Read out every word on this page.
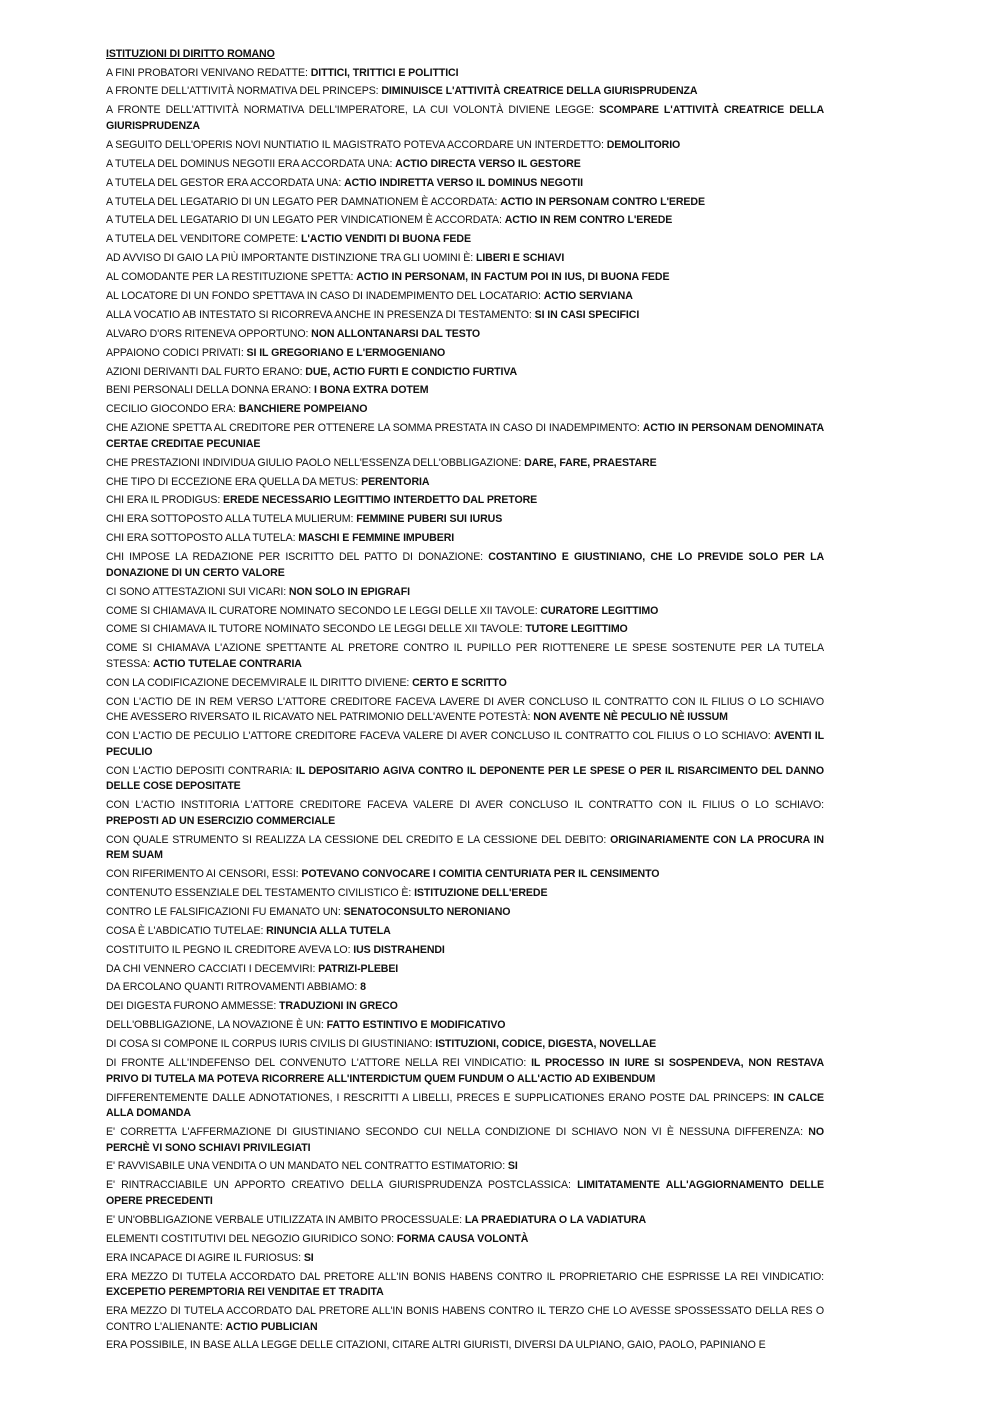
ISTITUZIONI DI DIRITTO ROMANO
A FINI PROBATORI VENIVANO REDATTE: DITTICI, TRITTICI E POLITTICI
A FRONTE DELL'ATTIVITÀ NORMATIVA DEL PRINCEPS: DIMINUISCE L'ATTIVITÀ CREATRICE DELLA GIURISPRUDENZA
A FRONTE DELL'ATTIVITÀ NORMATIVA DELL'IMPERATORE, LA CUI VOLONTÀ DIVIENE LEGGE: SCOMPARE L'ATTIVITÀ CREATRICE DELLA GIURISPRUDENZA
A SEGUITO DELL'OPERIS NOVI NUNTIATIO IL MAGISTRATO POTEVA ACCORDARE UN INTERDETTO: DEMOLITORIO
A TUTELA DEL DOMINUS NEGOTII ERA ACCORDATA UNA: ACTIO DIRECTA VERSO IL GESTORE
A TUTELA DEL GESTOR ERA ACCORDATA UNA: ACTIO INDIRETTA VERSO IL DOMINUS NEGOTII
A TUTELA DEL LEGATARIO DI UN LEGATO PER DAMNATIONEM È ACCORDATA: ACTIO IN PERSONAM CONTRO L'EREDE
A TUTELA DEL LEGATARIO DI UN LEGATO PER VINDICATIONEM È ACCORDATA: ACTIO IN REM CONTRO L'EREDE
A TUTELA DEL VENDITORE COMPETE: L'ACTIO VENDITI DI BUONA FEDE
AD AVVISO DI GAIO LA PIÙ IMPORTANTE DISTINZIONE TRA GLI UOMINI È: LIBERI E SCHIAVI
AL COMODANTE PER LA RESTITUZIONE SPETTA: ACTIO IN PERSONAM, IN FACTUM POI IN IUS, DI BUONA FEDE
AL LOCATORE DI UN FONDO SPETTAVA IN CASO DI INADEMPIMENTO DEL LOCATARIO: ACTIO SERVIANA
ALLA VOCATIO AB INTESTATO SI RICORREVA ANCHE IN PRESENZA DI TESTAMENTO: SI IN CASI SPECIFICI
ALVARO D'ORS RITENEVA OPPORTUNO: NON ALLONTANARSI DAL TESTO
APPAIONO CODICI PRIVATI: SI IL GREGORIANO E L'ERMOGENIANO
AZIONI DERIVANTI DAL FURTO ERANO: DUE, ACTIO FURTI E CONDICTIO FURTIVA
BENI PERSONALI DELLA DONNA ERANO: I BONA EXTRA DOTEM
CECILIO GIOCONDO ERA: BANCHIERE POMPEIANO
CHE AZIONE SPETTA AL CREDITORE PER OTTENERE LA SOMMA PRESTATA IN CASO DI INADEMPIMENTO: ACTIO IN PERSONAM DENOMINATA CERTAE CREDITAE PECUNIAE
CHE PRESTAZIONI INDIVIDUA GIULIO PAOLO NELL'ESSENZA DELL'OBBLIGAZIONE: DARE, FARE, PRAESTARE
CHE TIPO DI ECCEZIONE ERA QUELLA DA METUS: PERENTORIA
CHI ERA IL PRODIGUS: EREDE NECESSARIO LEGITTIMO INTERDETTO DAL PRETORE
CHI ERA SOTTOPOSTO ALLA TUTELA MULIERUM: FEMMINE PUBERI SUI IURUS
CHI ERA SOTTOPOSTO ALLA TUTELA: MASCHI E FEMMINE IMPUBERI
CHI IMPOSE LA REDAZIONE PER ISCRITTO DEL PATTO DI DONAZIONE: COSTANTINO E GIUSTINIANO, CHE LO PREVIDE SOLO PER LA DONAZIONE DI UN CERTO VALORE
CI SONO ATTESTAZIONI SUI VICARI: NON SOLO IN EPIGRAFI
COME SI CHIAMAVA IL CURATORE NOMINATO SECONDO LE LEGGI DELLE XII TAVOLE: CURATORE LEGITTIMO
COME SI CHIAMAVA IL TUTORE NOMINATO SECONDO LE LEGGI DELLE XII TAVOLE: TUTORE LEGITTIMO
COME SI CHIAMAVA L'AZIONE SPETTANTE AL PRETORE CONTRO IL PUPILLO PER RIOTTENERE LE SPESE SOSTENUTE PER LA TUTELA STESSA: ACTIO TUTELAE CONTRARIA
CON LA CODIFICAZIONE DECEMVIRALE IL DIRITTO DIVIENE: CERTO E SCRITTO
CON L'ACTIO DE IN REM VERSO L'ATTORE CREDITORE FACEVA LAVERE DI AVER CONCLUSO IL CONTRATTO CON IL FILIUS O LO SCHIAVO CHE AVESSERO RIVERSATO IL RICAVATO NEL PATRIMONIO DELL'AVENTE POTESTÀ: NON AVENTE NÈ PECULIO NÈ IUSSUM
CON L'ACTIO DE PECULIO L'ATTORE CREDITORE FACEVA VALERE DI AVER CONCLUSO IL CONTRATTO COL FILIUS O LO SCHIAVO: AVENTI IL PECULIO
CON L'ACTIO DEPOSITI CONTRARIA: IL DEPOSITARIO AGIVA CONTRO IL DEPONENTE PER LE SPESE O PER IL RISARCIMENTO DEL DANNO DELLE COSE DEPOSITATE
CON L'ACTIO INSTITORIA L'ATTORE CREDITORE FACEVA VALERE DI AVER CONCLUSO IL CONTRATTO CON IL FILIUS O LO SCHIAVO: PREPOSTI AD UN ESERCIZIO COMMERCIALE
CON QUALE STRUMENTO SI REALIZZA LA CESSIONE DEL CREDITO E LA CESSIONE DEL DEBITO: ORIGINARIAMENTE CON LA PROCURA IN REM SUAM
CON RIFERIMENTO AI CENSORI, ESSI: POTEVANO CONVOCARE I COMITIA CENTURIATA PER IL CENSIMENTO
CONTENUTO ESSENZIALE DEL TESTAMENTO CIVILISTICO È: ISTITUZIONE DELL'EREDE
CONTRO LE FALSIFICAZIONI FU EMANATO UN: SENATOCONSULTO NERONIANO
COSA È L'ABDICATIO TUTELAE: RINUNCIA ALLA TUTELA
COSTITUITO IL PEGNO IL CREDITORE AVEVA LO: IUS DISTRAHENDI
DA CHI VENNERO CACCIATI I DECEMVIRI: PATRIZI-PLEBEI
DA ERCOLANO QUANTI RITROVAMENTI ABBIAMO: 8
DEI DIGESTA FURONO AMMESSE: TRADUZIONI IN GRECO
DELL'OBBLIGAZIONE, LA NOVAZIONE È UN: FATTO ESTINTIVO E MODIFICATIVO
DI COSA SI COMPONE IL CORPUS IURIS CIVILIS DI GIUSTINIANO: ISTITUZIONI, CODICE, DIGESTA, NOVELLAE
DI FRONTE ALL'INDEFENSO DEL CONVENUTO L'ATTORE NELLA REI VINDICATIO: IL PROCESSO IN IURE SI SOSPENDEVA, NON RESTAVA PRIVO DI TUTELA MA POTEVA RICORRERE ALL'INTERDICTUM QUEM FUNDUM O ALL'ACTIO AD EXIBENDUM
DIFFERENTEMENTE DALLE ADNOTATIONES, I RESCRITTI A LIBELLI, PRECES E SUPPLICATIONES ERANO POSTE DAL PRINCEPS: IN CALCE ALLA DOMANDA
E' CORRETTA L'AFFERMAZIONE DI GIUSTINIANO SECONDO CUI NELLA CONDIZIONE DI SCHIAVO NON VI È NESSUNA DIFFERENZA: NO PERCHÈ VI SONO SCHIAVI PRIVILEGIATI
E' RAVVISABILE UNA VENDITA O UN MANDATO NEL CONTRATTO ESTIMATORIO: SI
E' RINTRACCIABILE UN APPORTO CREATIVO DELLA GIURISPRUDENZA POSTCLASSICA: LIMITATAMENTE ALL'AGGIORNAMENTO DELLE OPERE PRECEDENTI
E' UN'OBBLIGAZIONE VERBALE UTILIZZATA IN AMBITO PROCESSUALE: LA PRAEDIATURA O LA VADIATURA
ELEMENTI COSTITUTIVI DEL NEGOZIO GIURIDICO SONO: FORMA CAUSA VOLONTÀ
ERA INCAPACE DI AGIRE IL FURIOSUS: SI
ERA MEZZO DI TUTELA ACCORDATO DAL PRETORE ALL'IN BONIS HABENS CONTRO IL PROPRIETARIO CHE ESPRISSE LA REI VINDICATIO: EXCEPETIO PEREMPTORIA REI VENDITAE ET TRADITA
ERA MEZZO DI TUTELA ACCORDATO DAL PRETORE ALL'IN BONIS HABENS CONTRO IL TERZO CHE LO AVESSE SPOSSESSATO DELLA RES O CONTRO L'ALIENANTE: ACTIO PUBLICIAN
ERA POSSIBILE, IN BASE ALLA LEGGE DELLE CITAZIONI, CITARE ALTRI GIURISTI, DIVERSI DA ULPIANO, GAIO, PAOLO, PAPINIANO E
